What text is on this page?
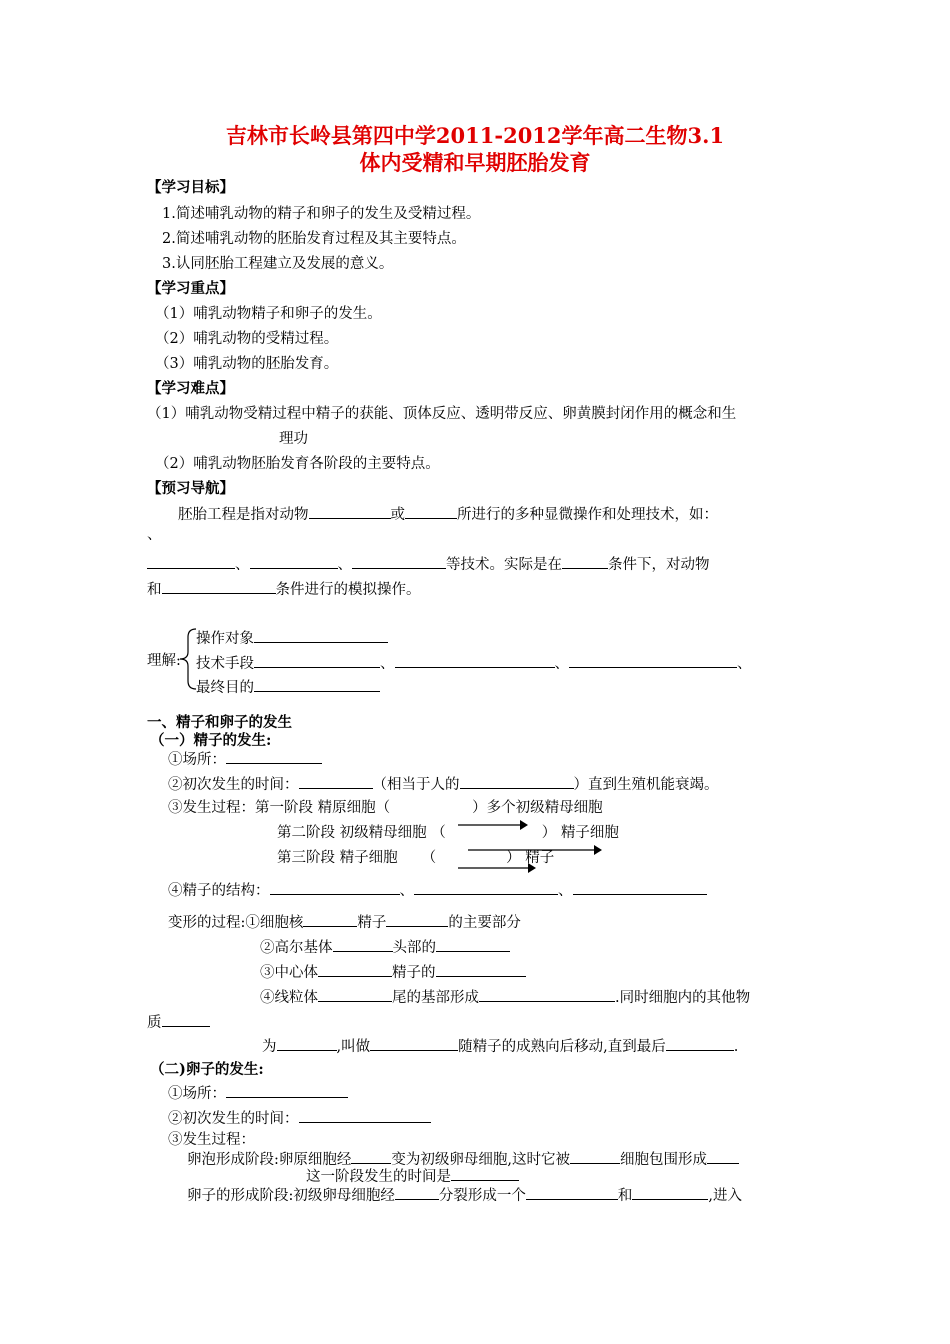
吉林市长岭县第四中学2011-2012学年高二生物3.1
体内受精和早期胚胎发育
【学习目标】
1.简述哺乳动物的精子和卵子的发生及受精过程。
2.简述哺乳动物的胚胎发育过程及其主要特点。
3.认同胚胎工程建立及发展的意义。
【学习重点】
（1）哺乳动物精子和卵子的发生。
（2）哺乳动物的受精过程。
（3）哺乳动物的胚胎发育。
【学习难点】
（1）哺乳动物受精过程中精子的获能、顶体反应、透明带反应、卵黄膜封闭作用的概念和生
理功
（2）哺乳动物胚胎发育各阶段的主要特点。
【预习导航】
胚胎工程是指对动物	或	所进行的多种显微操作和处理技术，如：
、
、	、	等技术。实际是在	条件下，对动物
和	条件进行的模拟操作。
理解:
操作对象
技术手段	、	、	、
最终目的
一、精子和卵子的发生
（一）精子的发生:
①场所：
②初次发生的时间：	（相当于人的	）直到生殖机能衰竭。
③发生过程：第一阶段 精原细胞（	）多个初级精母细胞
第二阶段 初级精母细胞 （	） 精子细胞
第三阶段 精子细胞 （	） 精子
④精子的结构：	、	、
变形的过程:①细胞核	精子	的主要部分
②高尔基体	头部的
③中心体	精子的
④线粒体	尾的基部形成	.同时细胞内的其他物
质
为	,叫做	随精子的成熟向后移动,直到最后	.
（二)卵子的发生:
①场所：
②初次发生的时间：
③发生过程：
卵泡形成阶段:卵原细胞经	变为初级卵母细胞,这时它被	细胞包围形成
这一阶段发生的时间是
卵子的形成阶段:初级卵母细胞经	分裂形成一个	和	,进入
